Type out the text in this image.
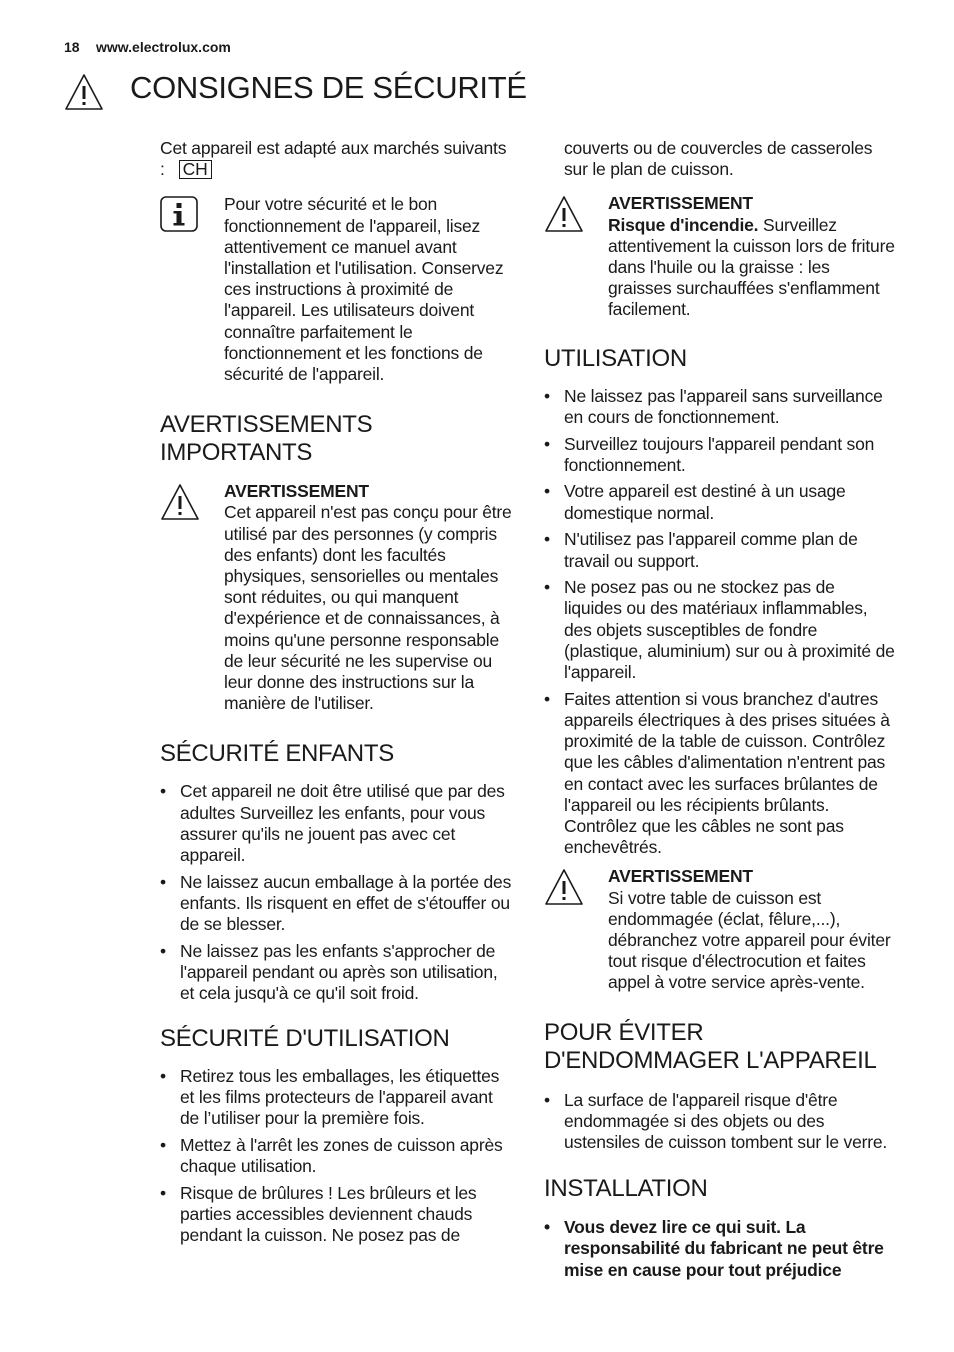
18 www.electrolux.com
CONSIGNES DE SÉCURITÉ

Cet appareil est adapté aux marchés suivants : CH

Pour votre sécurité et le bon fonctionnement de l'appareil, lisez attentivement ce manuel avant l'installation et l'utilisation. Conservez ces instructions à proximité de l'appareil. Les utilisateurs doivent connaître parfaitement le fonctionnement et les fonctions de sécurité de l'appareil.

AVERTISSEMENTS IMPORTANTS

AVERTISSEMENT

Cet appareil n'est pas conçu pour être utilisé par des personnes (y compris des enfants) dont les facultés physiques, sensorielles ou mentales sont réduites, ou qui manquent d'expérience et de connaissances, à moins qu'une personne responsable de leur sécurité ne les supervise ou leur donne des instructions sur la manière de l'utiliser.

SÉCURITÉ ENFANTS
• Cet appareil ne doit être utilisé que par des adultes Surveillez les enfants, pour vous assurer qu'ils ne jouent pas avec cet appareil.
• Ne laissez aucun emballage à la portée des enfants. Ils risquent en effet de s'étouffer ou de se blesser.
• Ne laissez pas les enfants s'approcher de l'appareil pendant ou après son utilisation, et cela jusqu'à ce qu'il soit froid.
SÉCURITÉ D'UTILISATION
• Retirez tous les emballages, les étiquettes et les films protecteurs de l'appareil avant de l’utiliser pour la première fois.
• Mettez à l'arrêt les zones de cuisson après chaque utilisation.
• Risque de brûlures ! Les brûleurs et les parties accessibles deviennent chauds pendant la cuisson. Ne posez pas de

couverts ou de couvercles de casseroles sur le plan de cuisson.

AVERTISSEMENT

Risque d'incendie. Surveillez attentivement la cuisson lors de friture dans l'huile ou la graisse : les graisses surchauffées s'enflamment facilement.

UTILISATION
• Ne laissez pas l'appareil sans surveillance en cours de fonctionnement.
• Surveillez toujours l'appareil pendant son fonctionnement.
• Votre appareil est destiné à un usage domestique normal.
• N'utilisez pas l'appareil comme plan de travail ou support.
• Ne posez pas ou ne stockez pas de liquides ou des matériaux inflammables, des objets susceptibles de fondre (plastique, aluminium) sur ou à proximité de l'appareil.
• Faites attention si vous branchez d'autres appareils électriques à des prises situées à proximité de la table de cuisson. Contrôlez que les câbles d'alimentation n'entrent pas en contact avec les surfaces brûlantes de l'appareil ou les récipients brûlants. Contrôlez que les câbles ne sont pas enchevêtrés.

AVERTISSEMENT

Si votre table de cuisson est endommagée (éclat, fêlure,...), débranchez votre appareil pour éviter tout risque d'électrocution et faites appel à votre service après-vente.

POUR ÉVITER D'ENDOMMAGER L'APPAREIL
• La surface de l'appareil risque d'être endommagée si des objets ou des ustensiles de cuisson tombent sur le verre.
INSTALLATION
• Vous devez lire ce qui suit. La responsabilité du fabricant ne peut être mise en cause pour tout préjudice
